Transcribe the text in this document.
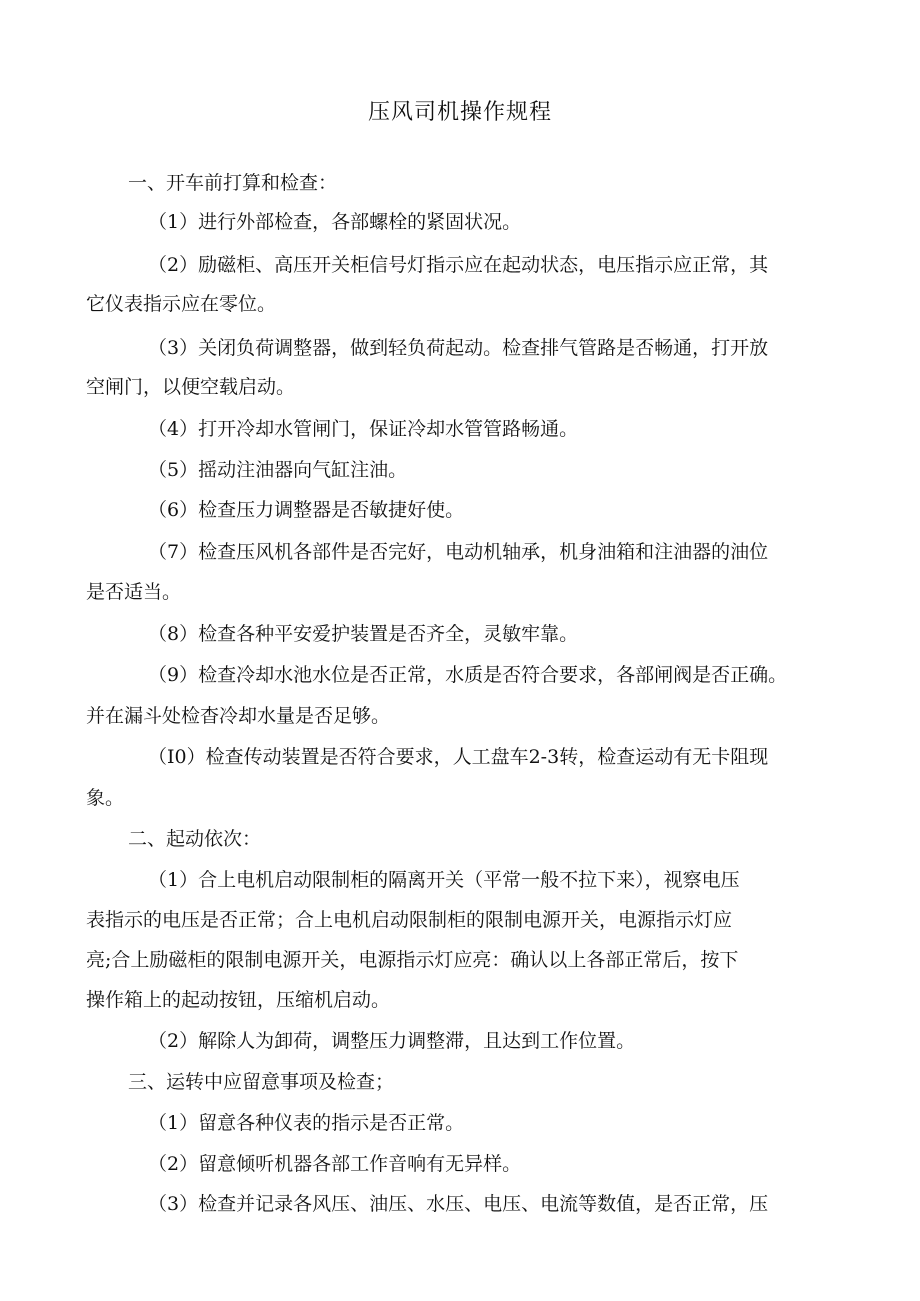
压风司机操作规程
一、开车前打算和检查：
（1）进行外部检查，各部螺栓的紧固状况。
（2）励磁柜、高压开关柜信号灯指示应在起动状态，电压指示应正常，其
它仪表指示应在零位。
（3）关闭负荷调整器，做到轻负荷起动。检查排气管路是否畅通，打开放
空闸门，以便空载启动。
（4）打开冷却水管闸门，保证冷却水管管路畅通。
（5）摇动注油器向气缸注油。
（6）检查压力调整器是否敏捷好使。
（7）检查压风机各部件是否完好，电动机轴承，机身油箱和注油器的油位
是否适当。
（8）检查各种平安爱护装置是否齐全，灵敏牢靠。
（9）检查冷却水池水位是否正常，水质是否符合要求，各部闸阀是否正确。
并在漏斗处检杳冷却水量是否足够。
（I0）检查传动装置是否符合要求，人工盘车2-3转，检查运动有无卡阻现
象。
二、起动依次：
（1）合上电机启动限制柜的隔离开关（平常一般不拉下来），视察电压
表指示的电压是否正常；合上电机启动限制柜的限制电源开关，电源指示灯应
亮;合上励磁柜的限制电源开关，电源指示灯应亮：确认以上各部正常后，按下
操作箱上的起动按钮，压缩机启动。
（2）解除人为卸荷，调整压力调整滞，且达到工作位置。
三、运转中应留意事项及检查；
（1）留意各种仪表的指示是否正常。
（2）留意倾听机器各部工作音响有无异样。
（3）检查并记录各风压、油压、水压、电压、电流等数值，是否正常，压
